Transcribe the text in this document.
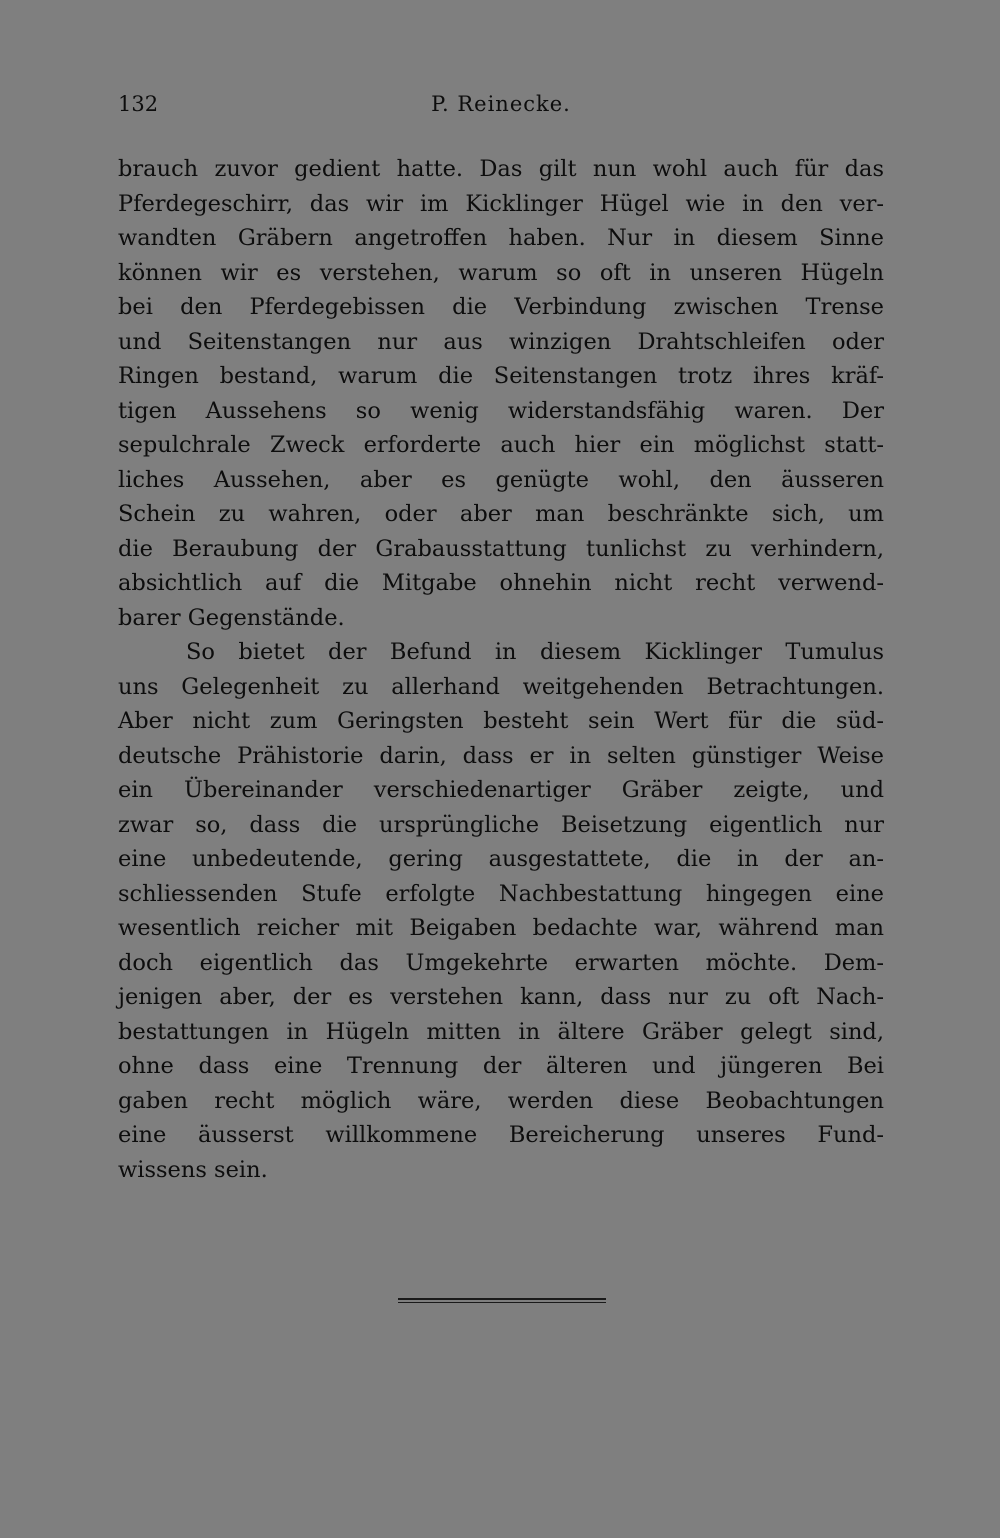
132	P. Reinecke.
brauch zuvor gedient hatte. Das gilt nun wohl auch für das
Pferdegeschirr, das wir im Kicklinger Hügel wie in den ver-
wandten Gräbern angetroffen haben. Nur in diesem Sinne
können wir es verstehen, warum so oft in unseren Hügeln
bei den Pferdegebissen die Verbindung zwischen Trense
und Seitenstangen nur aus winzigen Drahtschleifen oder
Ringen bestand, warum die Seitenstangen trotz ihres kräf-
tigen Aussehens so wenig widerstandsfähig waren. Der
sepulchrale Zweck erforderte auch hier ein möglichst statt-
liches Aussehen, aber es genügte wohl, den äusseren
Schein zu wahren, oder aber man beschränkte sich, um
die Beraubung der Grabausstattung tunlichst zu verhindern,
absichtlich auf die Mitgabe ohnehin nicht recht verwend-
barer Gegenstände.
So bietet der Befund in diesem Kicklinger Tumulus
uns Gelegenheit zu allerhand weitgehenden Betrachtungen.
Aber nicht zum Geringsten besteht sein Wert für die süd-
deutsche Prähistorie darin, dass er in selten günstiger Weise
ein Übereinander verschiedenartiger Gräber zeigte, und
zwar so, dass die ursprüngliche Beisetzung eigentlich nur
eine unbedeutende, gering ausgestattete, die in der an-
schliessenden Stufe erfolgte Nachbestattung hingegen eine
wesentlich reicher mit Beigaben bedachte war, während man
doch eigentlich das Umgekehrte erwarten möchte. Dem-
jenigen aber, der es verstehen kann, dass nur zu oft Nach-
bestattungen in Hügeln mitten in ältere Gräber gelegt sind,
ohne dass eine Trennung der älteren und jüngeren Bei
gaben recht möglich wäre, werden diese Beobachtungen
eine äusserst willkommene Bereicherung unseres Fund-
wissens sein.
